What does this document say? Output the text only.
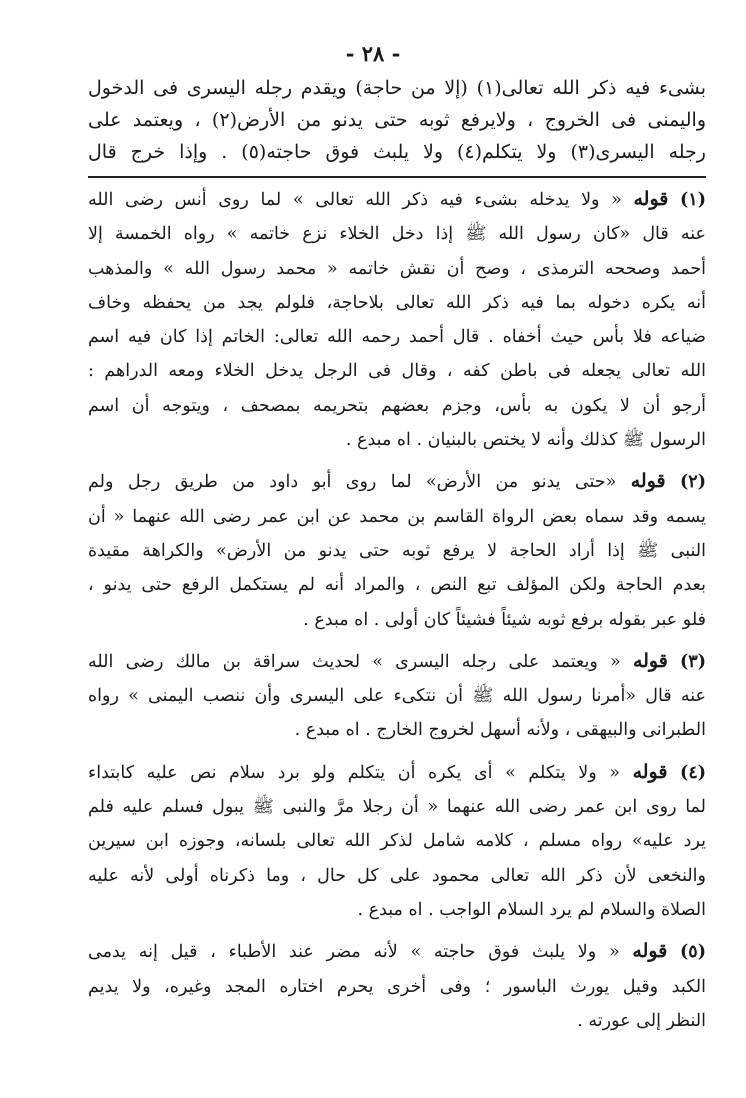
- ٢٨ -
بشىء فيه ذكر الله تعالى(١) (إلا من حاجة) ويقدم رجله اليسرى فى الدخول
واليمنى فى الخروج ، ولايرفع ثوبه حتى يدنو من الأرض(٢) ، ويعتمد على
رجله اليسرى(٣) ولا يتكلم(٤) ولا يلبث فوق حاجته(٥) . وإذا خرج قال
(١) قوله « ولا يدخله بشىء فيه ذكر الله تعالى » لما روى أنس رضى الله
عنه قال «كان رسول الله ﷺ إذا دخل الخلاء نزع خاتمه » رواه الخمسة إلا
أحمد وصححه الترمذى ، وصح أن نقش خاتمه « محمد رسول الله » والمذهب
أنه يكره دخوله بما فيه ذكر الله تعالى بلاحاجة، فلولم يجد من يحفظه وخاف
ضياعه فلا بأس حيث أخفاه . قال أحمد رحمه الله تعالى: الخاتم إذا كان فيه اسم
الله تعالى يجعله فى باطن كفه ، وقال فى الرجل يدخل الخلاء ومعه الدراهم :
أرجو أن لا يكون به بأس، وجزم بعضهم بتحريمه بمصحف ، ويتوجه أن اسم
الرسول ﷺ كذلك وأنه لا يختص بالبنيان . اه مبدع .
(٢) قوله «حتى يدنو من الأرض» لما روى أبو داود من طريق رجل ولم
يسمه وقد سماه بعض الرواة القاسم بن محمد عن ابن عمر رضى الله عنهما « أن
النبى ﷺ إذا أراد الحاجة لا يرفع ثوبه حتى يدنو من الأرض» والكراهة مقيدة
بعدم الحاجة ولكن المؤلف تبع النص ، والمراد أنه لم يستكمل الرفع حتى يدنو ،
فلو عبر بقوله برفع ثوبه شيئاً فشيئاً كان أولى . اه مبدع .
(٣) قوله « ويعتمد على رجله اليسرى » لحديث سراقة بن مالك رضى الله
عنه قال «أمرنا رسول الله ﷺ أن نتكىء على اليسرى وأن ننصب اليمنى » رواه
الطبرانى والبيهقى ، ولأنه أسهل لخروج الخارج . اه مبدع .
(٤) قوله « ولا يتكلم » أى يكره أن يتكلم ولو برد سلام نص عليه كابتداء
لما روى ابن عمر رضى الله عنهما « أن رجلا مرَّ والنبى ﷺ يبول فسلم عليه فلم
يرد عليه» رواه مسلم ، كلامه شامل لذكر الله تعالى بلسانه، وجوزه ابن سيرين
والنخعى لأن ذكر الله تعالى محمود على كل حال ، وما ذكرناه أولى لأنه عليه
الصلاة والسلام لم يرد السلام الواجب . اه مبدع .
(٥) قوله « ولا يلبث فوق حاجته » لأنه مضر عند الأطباء ، قيل إنه يدمى
الكبد وقيل يورث الباسور ؛ وفى أخرى يحرم اختاره المجد وغيره، ولا يديم
النظر إلى عورته .
